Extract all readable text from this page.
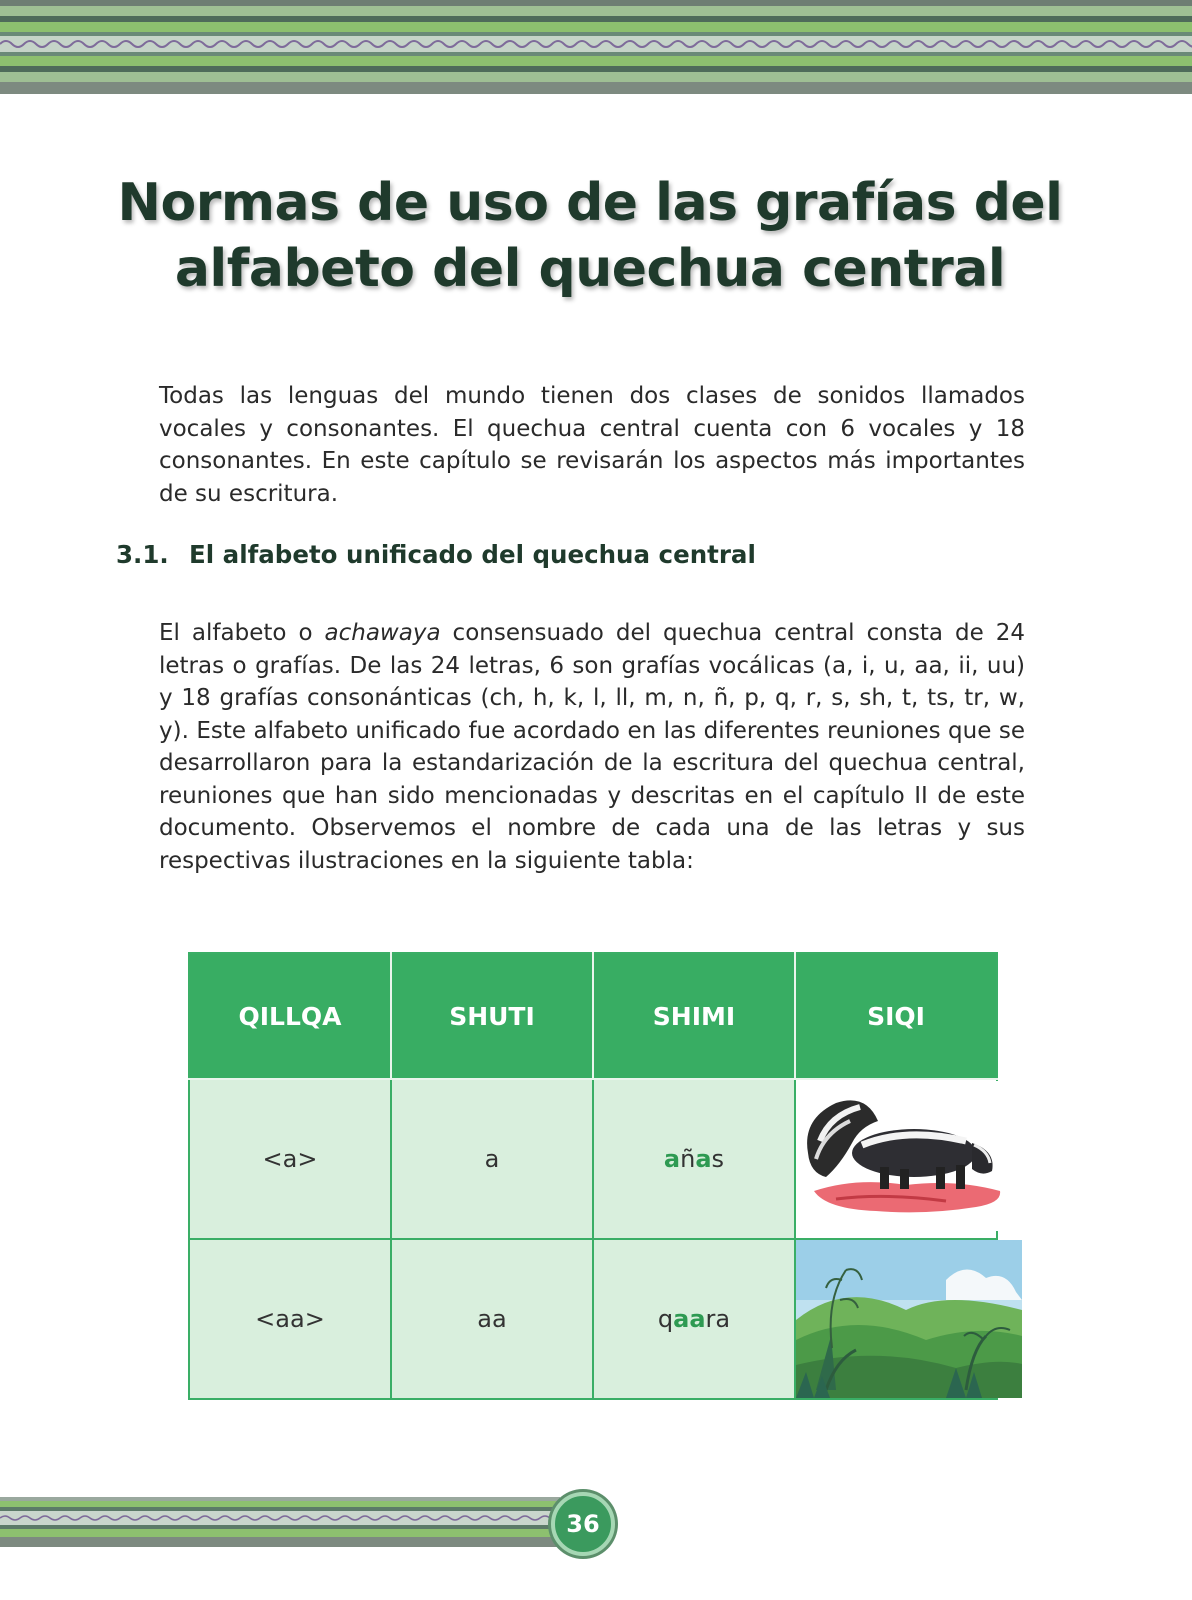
Normas de uso de las grafías del
alfabeto del quechua central
Todas las lenguas del mundo tienen dos clases de sonidos llamados vocales y consonantes. El quechua central cuenta con 6 vocales y 18 consonantes. En este capítulo se revisarán los aspectos más importantes de su escritura.
3.1. El alfabeto unificado del quechua central
El alfabeto o achawaya consensuado del quechua central consta de 24 letras o grafías. De las 24 letras, 6 son grafías vocálicas (a, i, u, aa, ii, uu) y 18 grafías consonánticas (ch, h, k, l, ll, m, n, ñ, p, q, r, s, sh, t, ts, tr, w, y). Este alfabeto unificado fue acordado en las diferentes reuniones que se desarrollaron para la estandarización de la escritura del quechua central, reuniones que han sido mencionadas y descritas en el capítulo II de este documento. Observemos el nombre de cada una de las letras y sus respectivas ilustraciones en la siguiente tabla:
QILLQA	SHUTI	SHIMI	SIQI
<a>	a	añas	
<aa>	aa	qaara	
36
